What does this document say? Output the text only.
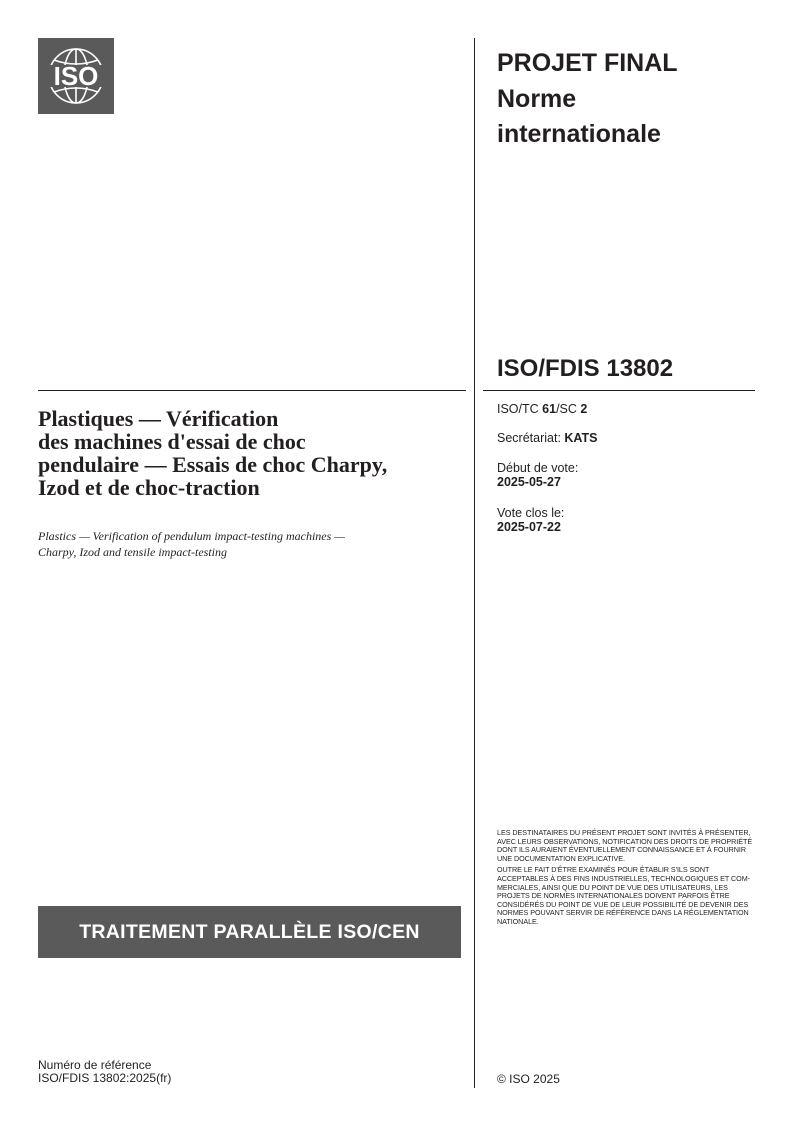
ISO	PROJET FINAL
Norme
internationale
ISO/FDIS 13802
Plastiques — Vérification
des machines d'essai de choc
pendulaire — Essais de choc Charpy,
Izod et de choc-traction
Plastics — Verification of pendulum impact-testing machines —
Charpy, Izod and tensile impact-testing
ISO/TC 61/SC 2
Secrétariat: KATS
Début de vote:
2025-05-27
Vote clos le:
2025-07-22

LES DESTINATAIRES DU PRÉSENT PROJET SONT INVITÉS À PRÉSENTER, AVEC LEURS OBSERVATIONS, NOTIFICATION DES DROITS DE PROPRIÉTÉ DONT ILS AURAIENT ÉVENTUELLEMENT CONNAISSANCE ET À FOURNIR UNE DOCUMENTATION EXPLICATIVE.

OUTRE LE FAIT D'ÊTRE EXAMINÉS POUR ÉTABLIR S'ILS SONT ACCEPTABLES À DES FINS INDUSTRIELLES, TECHNOLOGIQUES ET COM-MERCIALES, AINSI QUE DU POINT DE VUE DES UTILISATEURS, LES PROJETS DE NORMES INTERNATIONALES DOIVENT PARFOIS ÊTRE CONSIDÉRÉS DU POINT DE VUE DE LEUR POSSIBILITÉ DE DEVENIR DES NORMES POUVANT SERVIR DE RÉFÉRENCE DANS LA RÉGLEMENTATION NATIONALE.

TRAITEMENT PARALLÈLE ISO/CEN
Numéro de référence
ISO/FDIS 13802:2025(fr)	© ISO 2025
